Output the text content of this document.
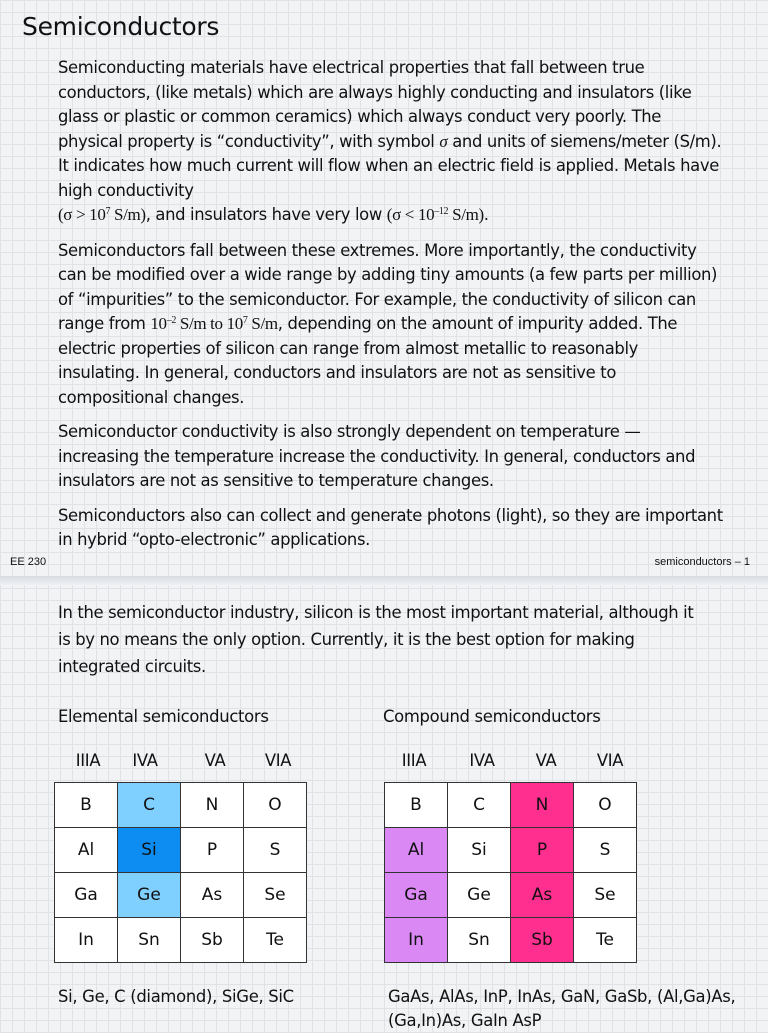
Semiconductors

Semiconducting materials have electrical properties that fall between true conductors, (like metals) which are always highly conducting and insulators (like glass or plastic or common ceramics) which always conduct very poorly. The physical property is “conductivity”, with symbol σ and units of siemens/meter (S/m). It indicates how much current will flow when an electric field is applied. Metals have high conductivity
($\sigma > 10^7$ S/m), and insulators have very low ($\sigma < 10^{-12}$ S/m).

Semiconductors fall between these extremes. More importantly, the conductivity can be modified over a wide range by adding tiny amounts (a few parts per million) of “impurities” to the semiconductor. For example, the conductivity of silicon can range from $10^{-2}$ S/m to $10^7$ S/m, depending on the amount of impurity added. The electric properties of silicon can range from almost metallic to reasonably insulating. In general, conductors and insulators are not as sensitive to compositional changes.

Semiconductor conductivity is also strongly dependent on temperature — increasing the temperature increase the conductivity. In general, conductors and insulators are not as sensitive to temperature changes.

Semiconductors also can collect and generate photons (light), so they are important in hybrid “opto-electronic” applications.

EE 230	semiconductors – 1
In the semiconductor industry, silicon is the most important material, although it is by no means the only option. Currently, it is the best option for making integrated circuits.
Elemental semiconductors	Compound semiconductors
IIIA	IVA	VA	VIA	IIIA	IVA	VA	VIA
B	C	N	O
Al	Si	P	S
Ga	Ge	As	Se
In	Sn	Sb	Te
B	C	N	O
Al	Si	P	S
Ga	Ge	As	Se
In	Sn	Sb	Te
Si, Ge, C (diamond), SiGe, SiC	GaAs, AlAs, InP, InAs, GaN, GaSb, (Al,Ga)As, (Ga,In)As, GaIn AsP
